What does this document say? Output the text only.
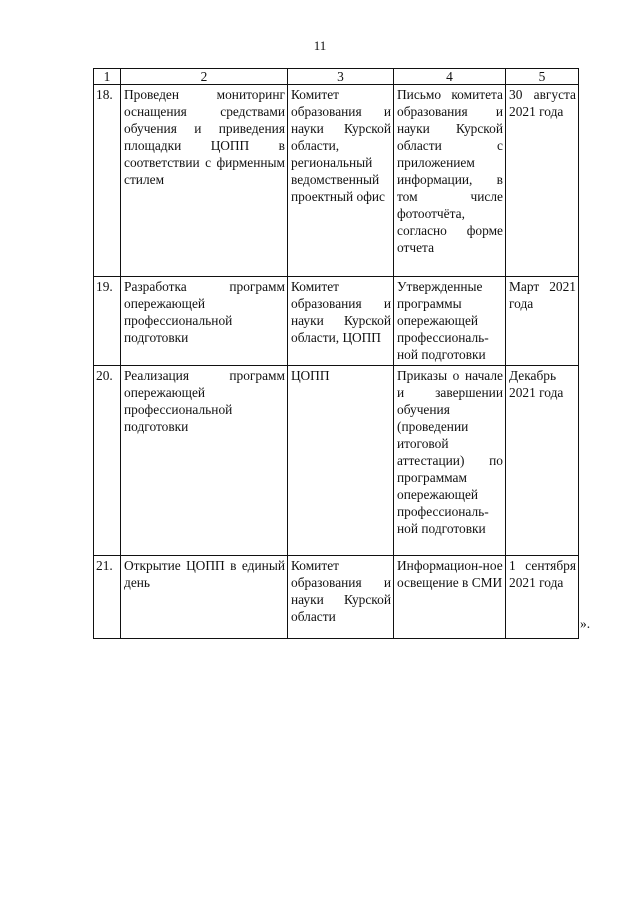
11
1	2	3	4	5
18.	Проведен мониторинг оснащения средствами обучения и приведения площадки ЦОПП в соответствии с фирменным стилем	Комитет образования и науки Курской области, региональный ведомственный проектный офис	Письмо комитета образования и науки Курской области с приложением информации, в том числе фотоотчёта, согласно форме отчета	30 августа 2021 года
19.	Разработка программ опережающей профессиональной подготовки	Комитет образования и науки Курской области, ЦОПП	Утвержденные программы опережающей профессиональ-ной подготовки	Март 2021 года
20.	Реализация программ опережающей профессиональной подготовки	ЦОПП	Приказы о начале и завершении обучения (проведении итоговой аттестации) по программам опережающей профессиональ-ной подготовки	Декабрь 2021 года
21.	Открытие ЦОПП в единый день	Комитет образования и науки Курской области	Информацион-ное освещение в СМИ	1 сентября 2021 года
».
